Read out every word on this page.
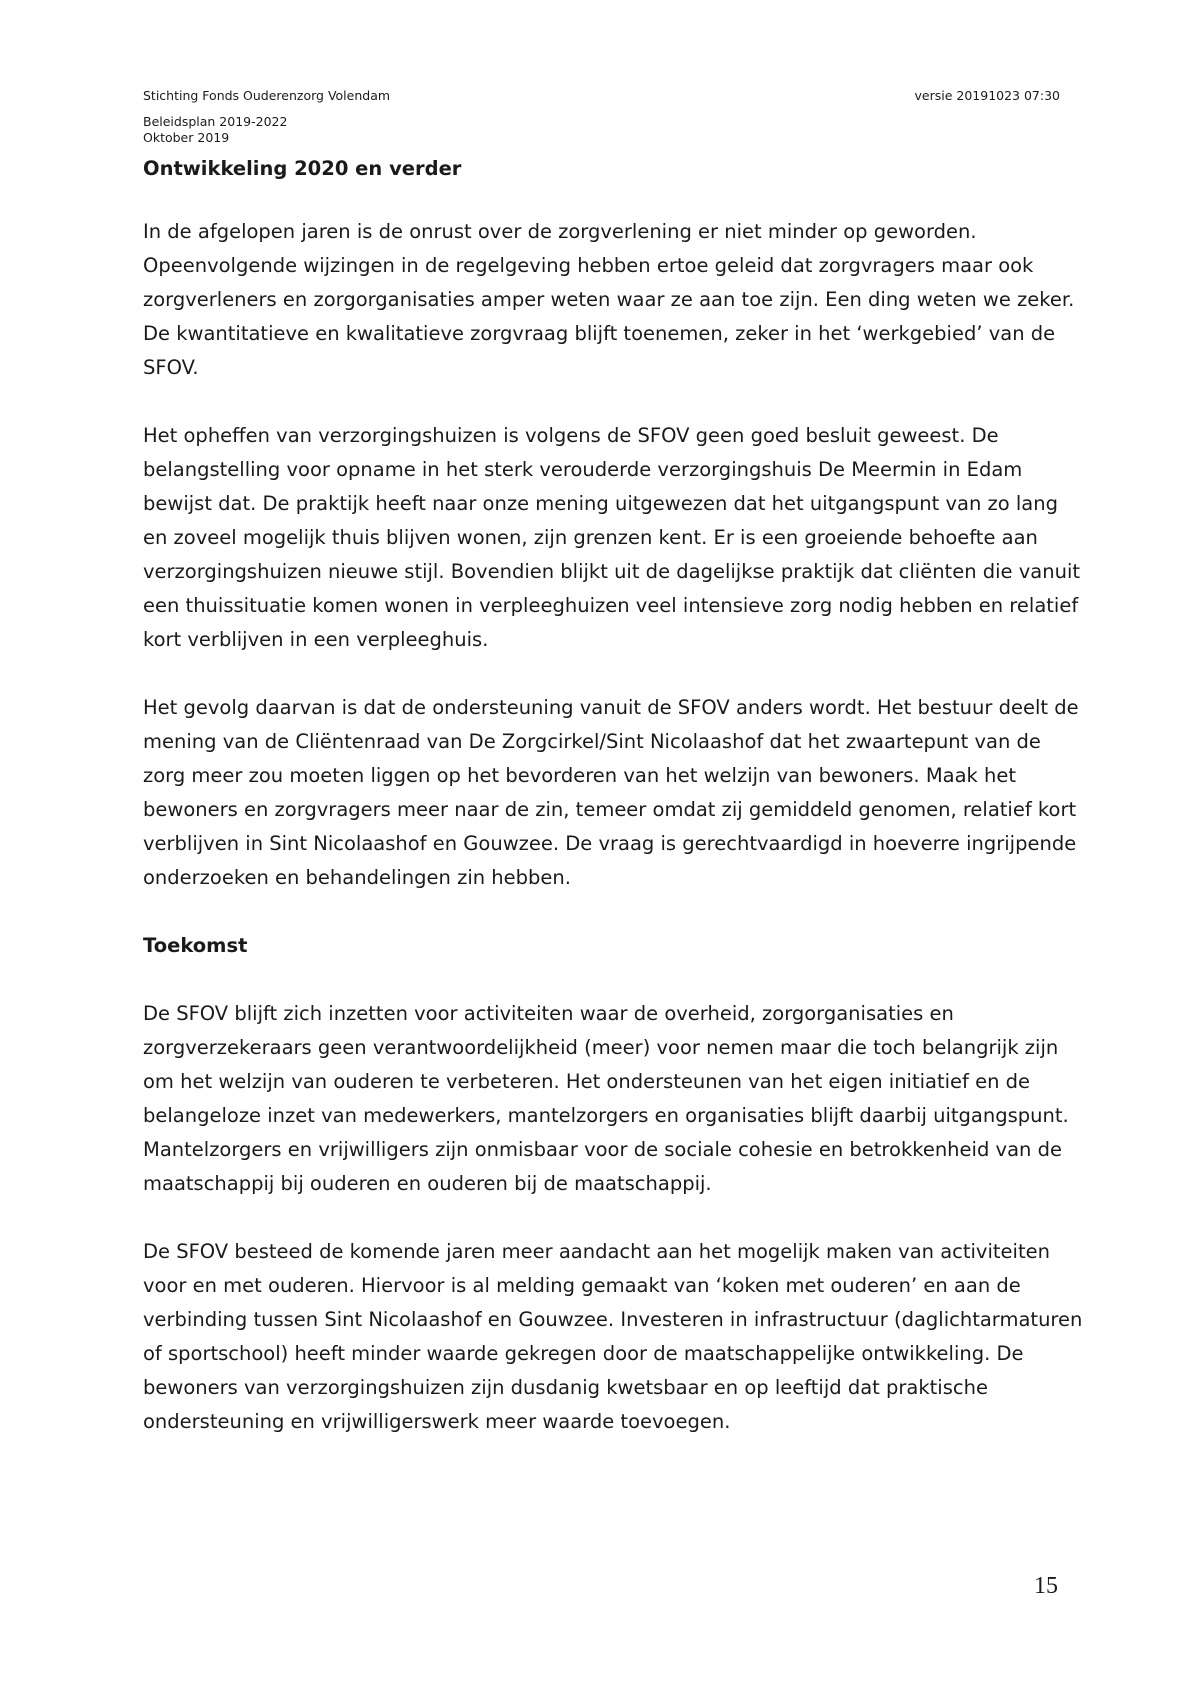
Stichting Fonds Ouderenzorg Volendam
Beleidsplan 2019-2022
Oktober 2019
versie 20191023 07:30
Ontwikkeling 2020 en verder

In de afgelopen jaren is de onrust over de zorgverlening er niet minder op geworden. Opeenvolgende wijzingen in de regelgeving hebben ertoe geleid dat zorgvragers maar ook zorgverleners en zorgorganisaties amper weten waar ze aan toe zijn. Een ding weten we zeker. De kwantitatieve en kwalitatieve zorgvraag blijft toenemen, zeker in het ‘werkgebied’ van de SFOV.

Het opheffen van verzorgingshuizen is volgens de SFOV geen goed besluit geweest. De belangstelling voor opname in het sterk verouderde verzorgingshuis De Meermin in Edam bewijst dat. De praktijk heeft naar onze mening uitgewezen dat het uitgangspunt van zo lang en zoveel mogelijk thuis blijven wonen, zijn grenzen kent. Er is een groeiende behoefte aan verzorgingshuizen nieuwe stijl. Bovendien blijkt uit de dagelijkse praktijk dat cliënten die vanuit een thuissituatie komen wonen in verpleeghuizen veel intensieve zorg nodig hebben en relatief kort verblijven in een verpleeghuis.

Het gevolg daarvan is dat de ondersteuning vanuit de SFOV anders wordt. Het bestuur deelt de mening van de Cliëntenraad van De Zorgcirkel/Sint Nicolaashof dat het zwaartepunt van de zorg meer zou moeten liggen op het bevorderen van het welzijn van bewoners. Maak het bewoners en zorgvragers meer naar de zin, temeer omdat zij gemiddeld genomen, relatief kort verblijven in Sint Nicolaashof en Gouwzee. De vraag is gerechtvaardigd in hoeverre ingrijpende onderzoeken en behandelingen zin hebben.

Toekomst

De SFOV blijft zich inzetten voor activiteiten waar de overheid, zorgorganisaties en zorgverzekeraars geen verantwoordelijkheid (meer) voor nemen maar die toch belangrijk zijn om het welzijn van ouderen te verbeteren. Het ondersteunen van het eigen initiatief en de belangeloze inzet van medewerkers, mantelzorgers en organisaties blijft daarbij uitgangspunt. Mantelzorgers en vrijwilligers zijn onmisbaar voor de sociale cohesie en betrokkenheid van de maatschappij bij ouderen en ouderen bij de maatschappij.

De SFOV besteed de komende jaren meer aandacht aan het mogelijk maken van activiteiten voor en met ouderen. Hiervoor is al melding gemaakt van ‘koken met ouderen’ en aan de verbinding tussen Sint Nicolaashof en Gouwzee. Investeren in infrastructuur (daglichtarmaturen of sportschool) heeft minder waarde gekregen door de maatschappelijke ontwikkeling. De bewoners van verzorgingshuizen zijn dusdanig kwetsbaar en op leeftijd dat praktische ondersteuning en vrijwilligerswerk meer waarde toevoegen.

15
